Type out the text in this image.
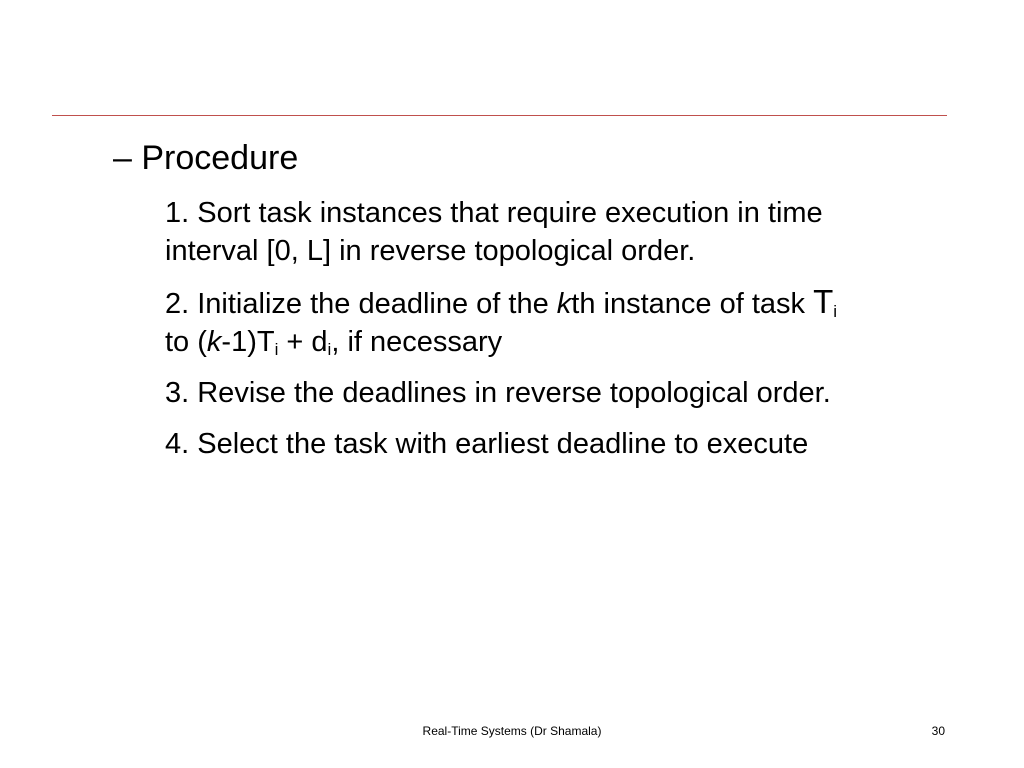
– Procedure
1. Sort task instances that require execution in time
interval [0, L] in reverse topological order.
2. Initialize the deadline of the kth instance of task $T_i$
to $(k-1)T_i + d_i$, if necessary
3. Revise the deadlines in reverse topological order.
4. Select the task with earliest deadline to execute
Real-Time Systems (Dr Shamala)	30
